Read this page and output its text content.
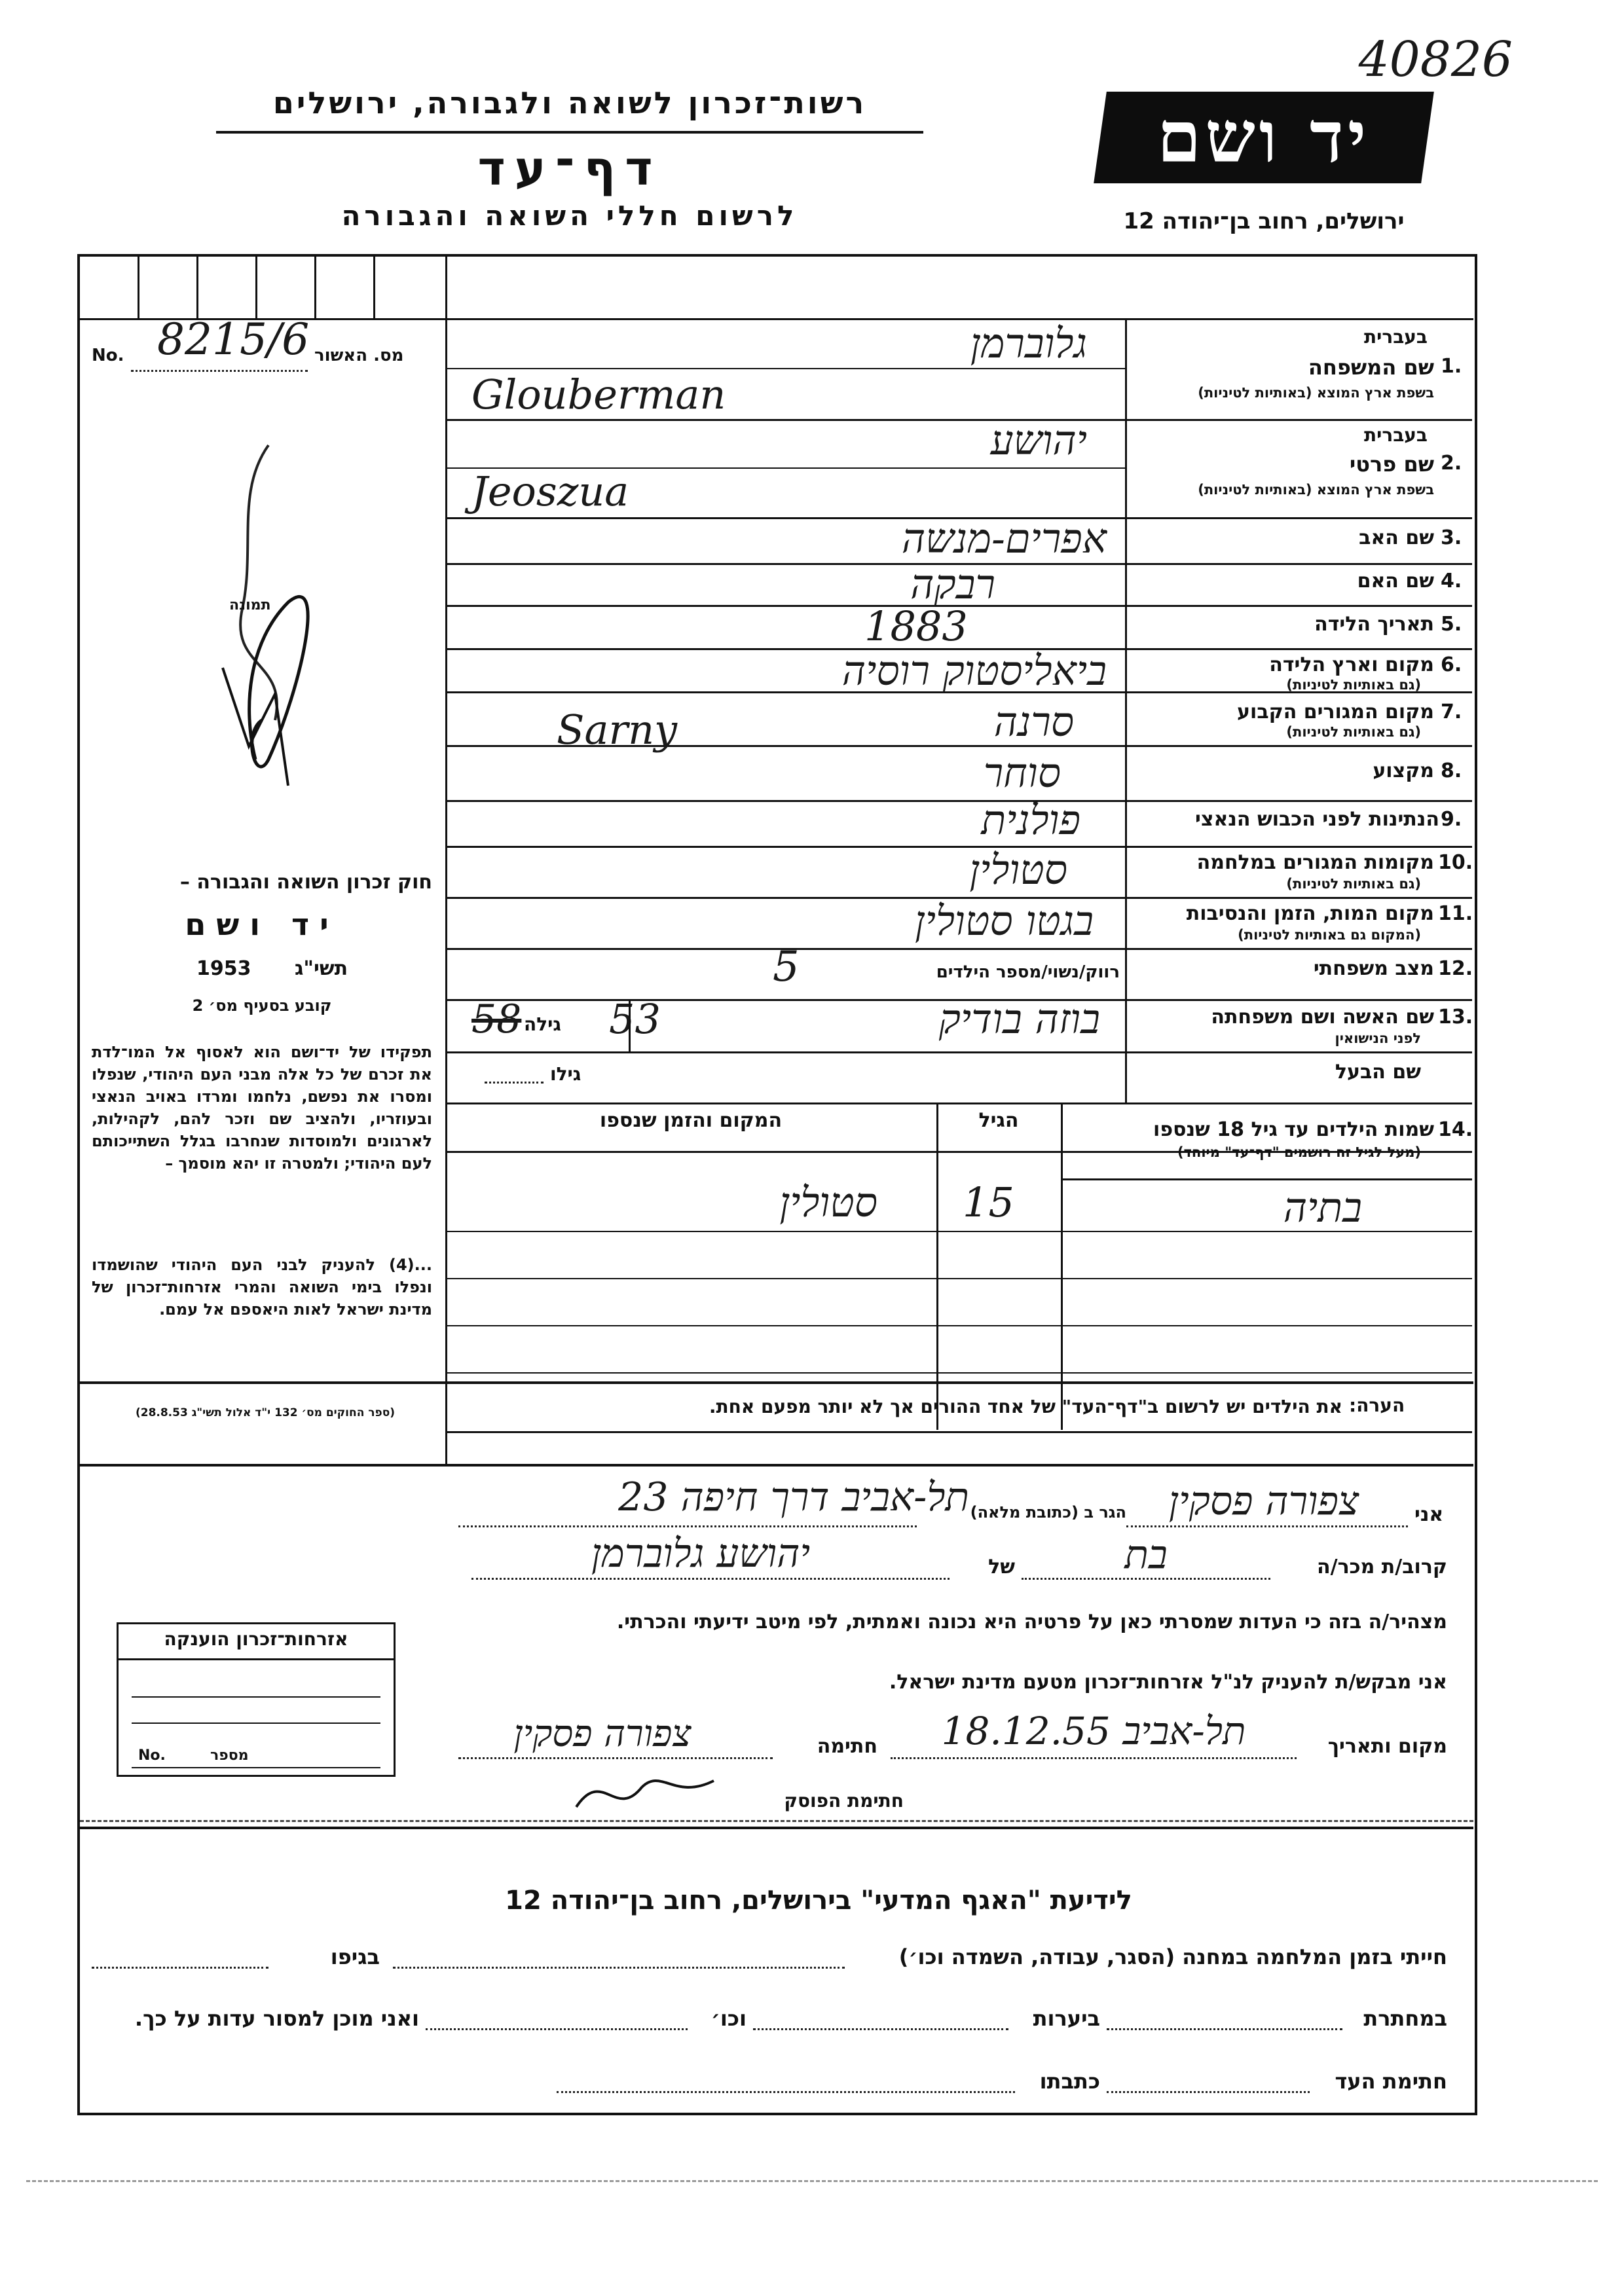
40826
רשות־זכרון לשואה ולגבורה, ירושלים
דף־עד
לרשום חללי השואה והגבורה
יד ושם
ירושלים, רחוב בן־יהודה 12
No.	מס. האשור
8215/6
תמונה
חוק זכרון השואה והגבורה –
יד ושם
1953 תשי"ג
קובע בסעיף מס׳ 2
תפקידו של יד־ושם הוא לאסוף אל המו־לדת את זכרם של כל אלה מבני העם היהודי, שנפלו ומסרו את נפשם, נלחמו ומרדו באויב הנאצי ובעוזריו, ולהציב שם וזכר להם, לקהילות, לארגונים ולמוסדות שנחרבו בגלל השתייכותם לעם היהודי; ולמטרה זו יהא מוסמך –
...(4) להעניק לבני העם היהודי שהושמדו ונפלו בימי השואה והמרי אזרחות־זכרון של מדינת ישראל לאות היאספם אל עמם.
(ספר החוקים מס׳ 132 י"ד אלול תשי"ג 28.8.53)
בעברית
1.
שם המשפחה
בשפת ארץ המוצא (באותיות לטיניות)
גלוברמן
Glouberman
בעברית
2.
שם פרטי
בשפת ארץ המוצא (באותיות לטיניות)
יהושע
Jeoszua
3.
שם האב
אפרים-מנשה
4.
שם האם
רבקה
5.
תאריך הלידה
1883
6.
מקום וארץ הלידה
(גם באותיות לטיניות)
ביאליסטוק רוסיה
7.
מקום המגורים הקבוע
(גם באותיות לטיניות)
סרנה
Sarny
8.
מקצוע
סוחר
9.
הנתינות לפני הכבוש הנאצי
פולנית
10.
מקומות המגורים במלחמה
(גם באותיות לטיניות)
סטולין
11.
מקום המות, הזמן והנסיבות
(המקום גם באותיות לטיניות)
בגטו סטולין
12.
מצב משפחתי
רווק/נשוי/מספר הילדים
5
13.
שם האשה ושם משפחתה
לפני הנישואין
בוזה בודיק
גילה
58 53
שם הבעל
גילו
14.
שמות הילדים עד גיל 18 שנספו
(מעל לגיל זה רושמים "דף־עד" מיוחד)
הגיל
המקום והזמן שנספו
בתיה
15
סטולין
הערה:
את הילדים יש לרשום ב"דף־העד" של אחד ההורים אך לא יותר מפעם אחת.
אני
צפורה פסקין
הגר ב (כתובת מלאה)
תל-אביב דרך חיפה 23
קרוב/ת מכר/ה
בת
של
יהושע גלוברמן
מצהיר/ה בזה כי העדות שמסרתי כאן על פרטיה היא נכונה ואמתית, לפי מיטב ידיעתי והכרתי.
אני מבקש/ת להעניק לנ"ל אזרחות־זכרון מטעם מדינת ישראל.
מקום ותאריך
תל-אביב 18.12.55
חתימה
צפורה פסקין
חתימת הפוסק
אזרחות־זכרון הוענקה
No.	מספר
לידיעת "האגף המדעי" בירושלים, רחוב בן־יהודה 12
חייתי בזמן המלחמה במחנה (הסגר, עבודה, השמדה וכו׳)
בגיפו
במחתרת
ביערות
וכו׳
ואני מוכן למסור עדות על כך.
חתימת העד
כתבתו
